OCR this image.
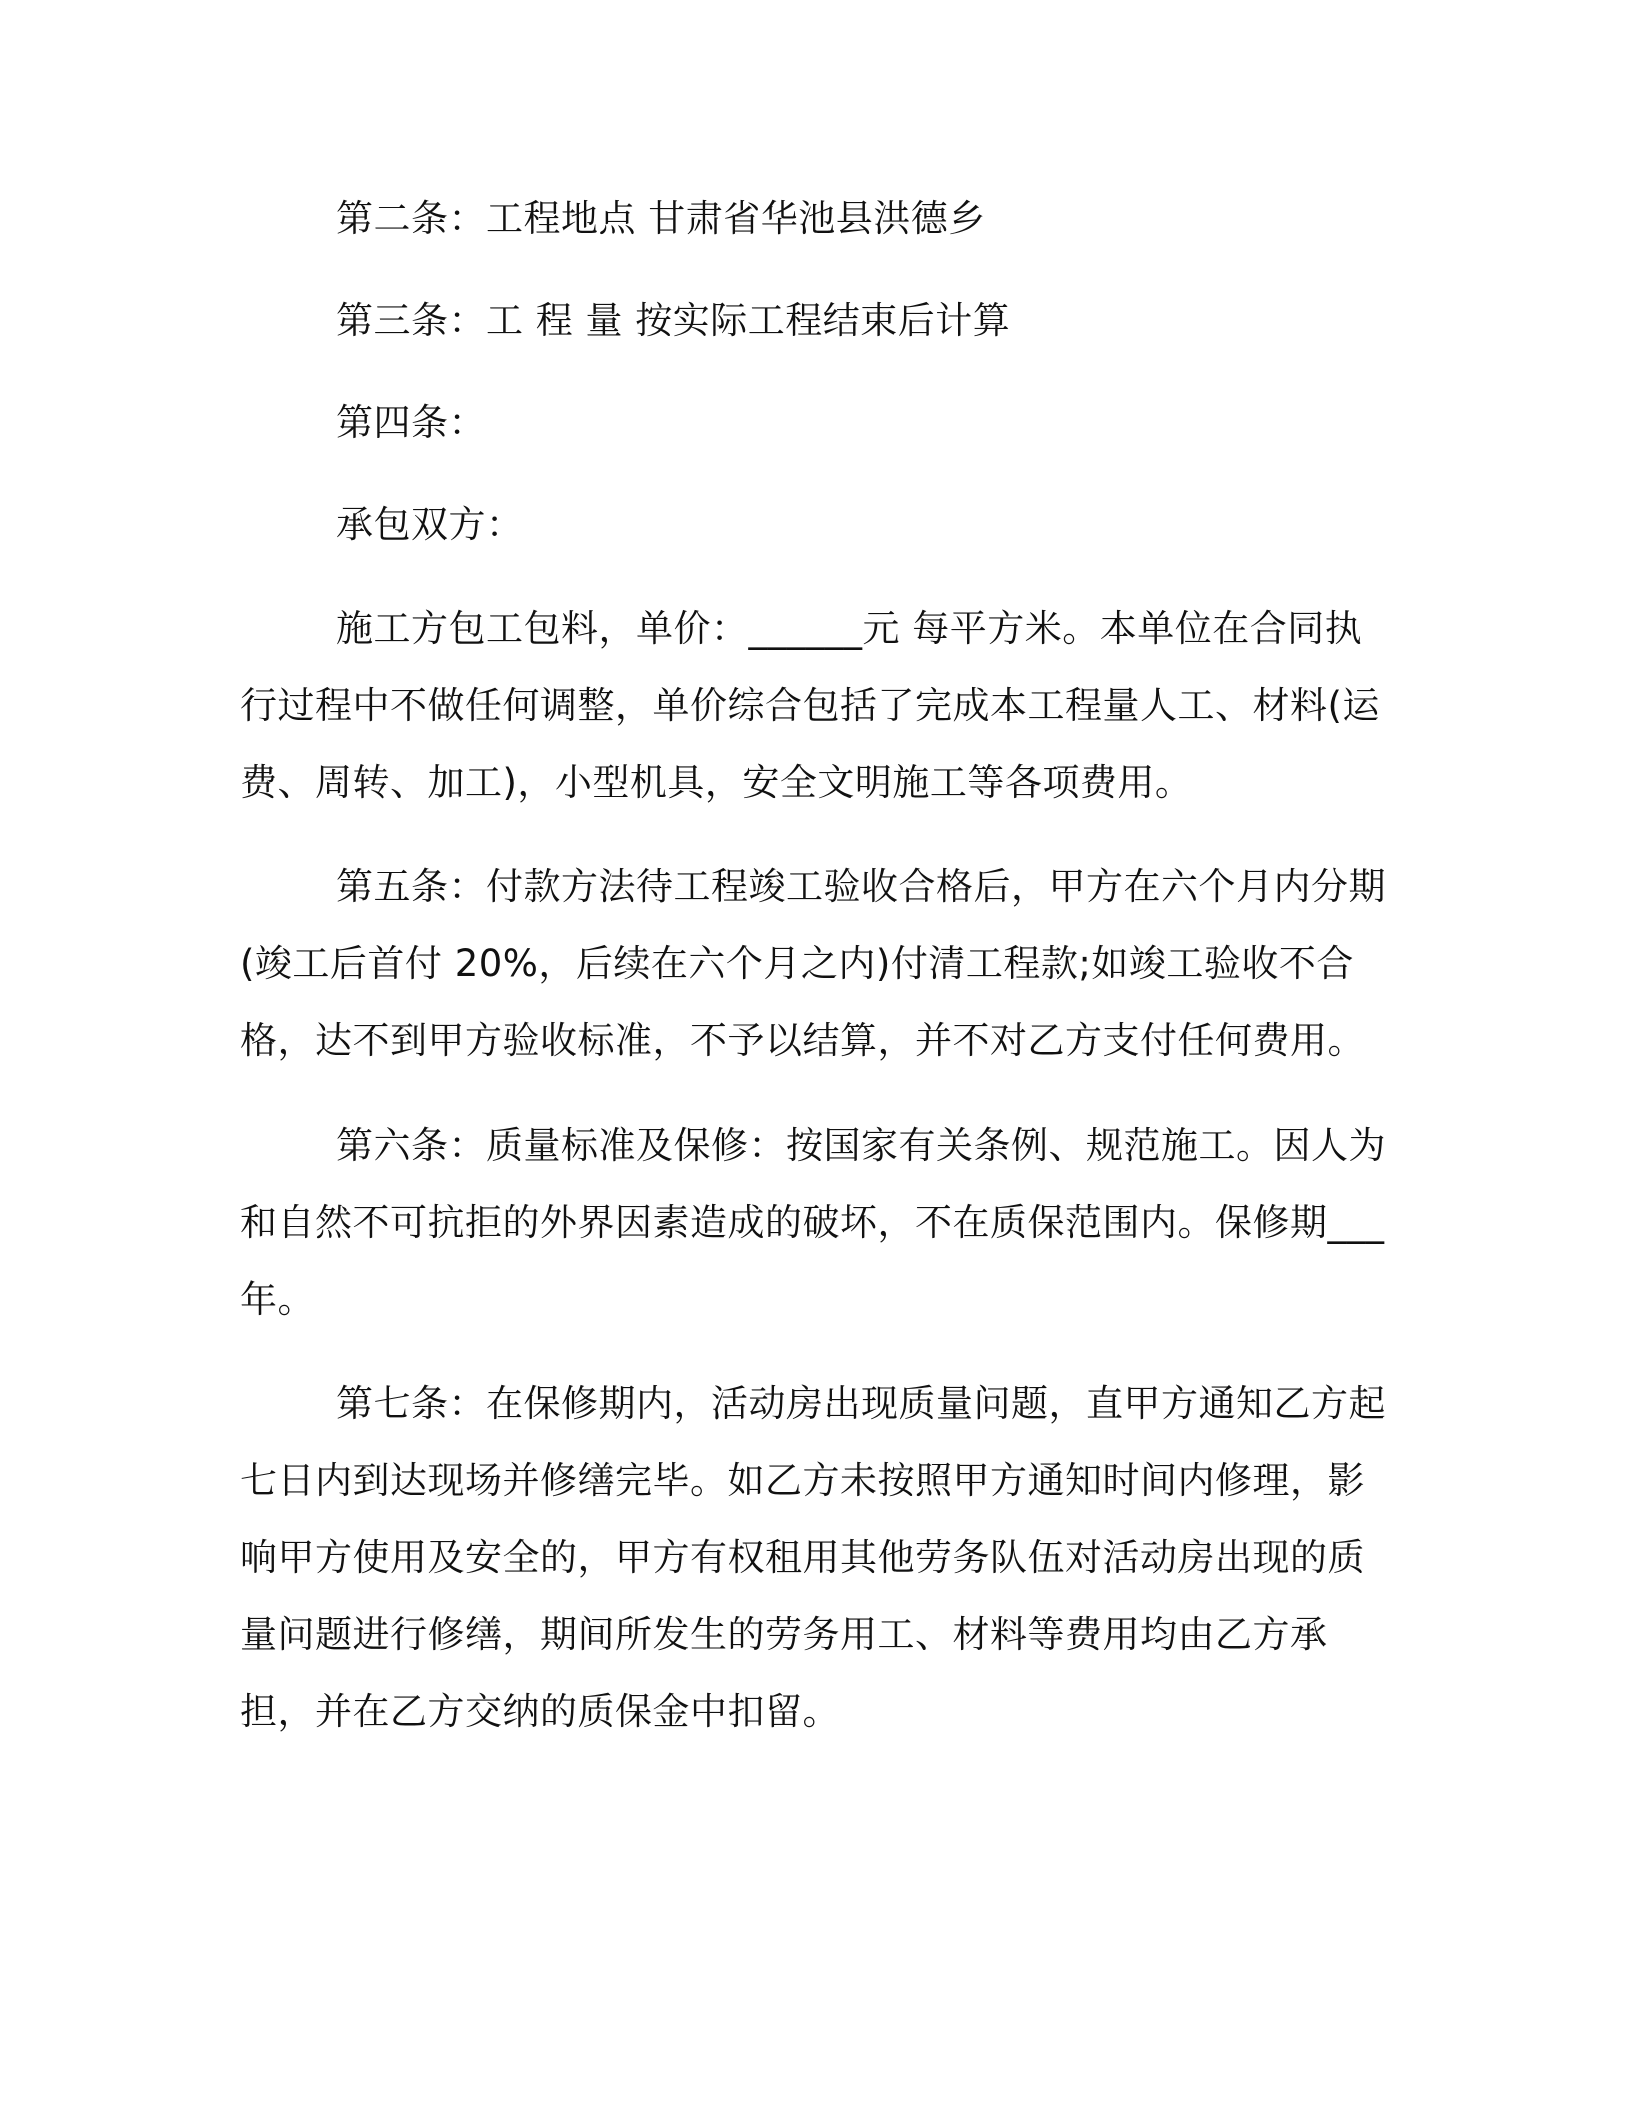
第二条：工程地点 甘肃省华池县洪德乡

第三条：工 程 量 按实际工程结束后计算

第四条：

承包双方：

施工方包工包料，单价：______元 每平方米。本单位在合同执行过程中不做任何调整，单价综合包括了完成本工程量人工、材料(运费、周转、加工)，小型机具，安全文明施工等各项费用。

第五条：付款方法待工程竣工验收合格后，甲方在六个月内分期(竣工后首付 20%，后续在六个月之内)付清工程款;如竣工验收不合格，达不到甲方验收标准，不予以结算，并不对乙方支付任何费用。

第六条：质量标准及保修：按国家有关条例、规范施工。因人为和自然不可抗拒的外界因素造成的破坏，不在质保范围内。保修期___年。

第七条：在保修期内，活动房出现质量问题，直甲方通知乙方起七日内到达现场并修缮完毕。如乙方未按照甲方通知时间内修理，影响甲方使用及安全的，甲方有权租用其他劳务队伍对活动房出现的质量问题进行修缮，期间所发生的劳务用工、材料等费用均由乙方承担，并在乙方交纳的质保金中扣留。
